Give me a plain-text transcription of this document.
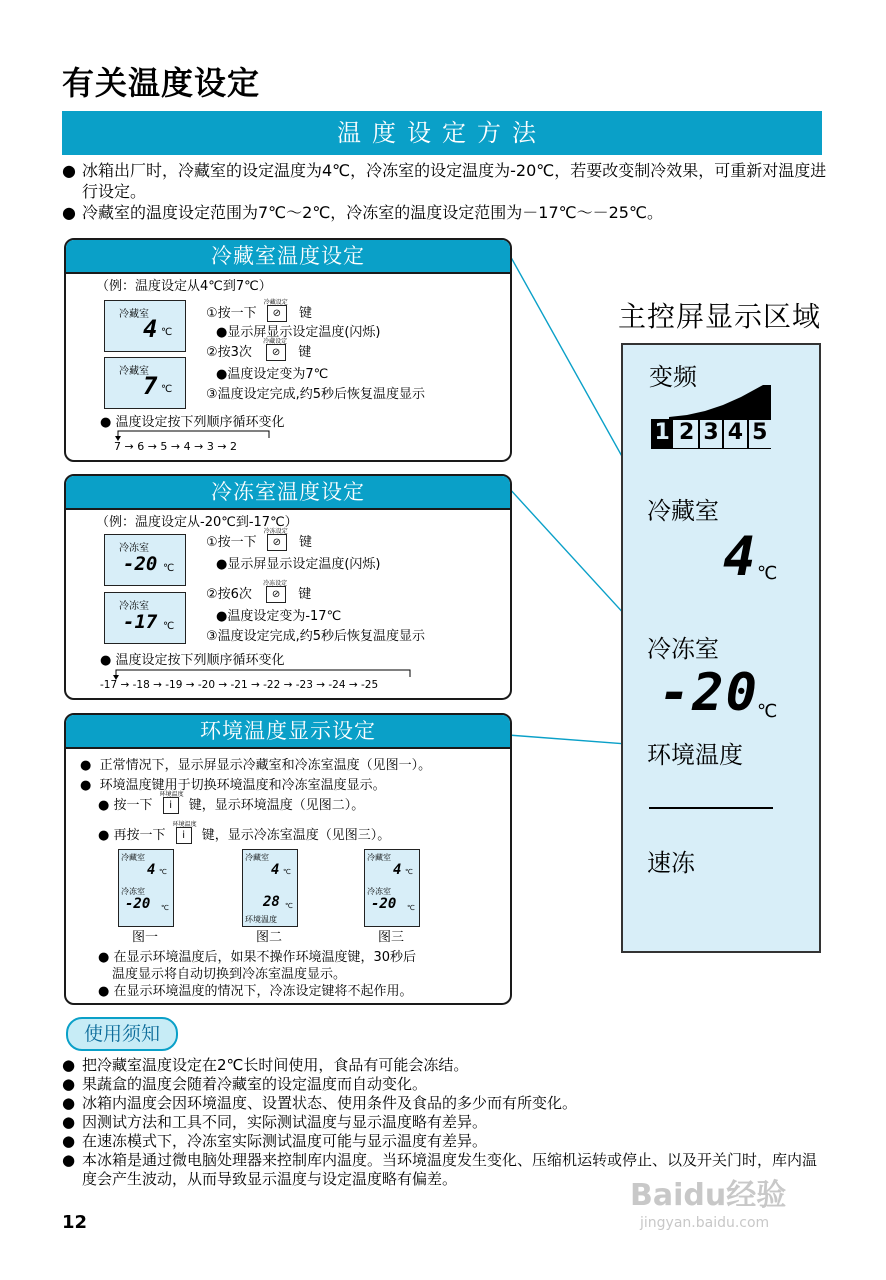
有关温度设定
温度设定方法
● 冰箱出厂时，冷藏室的设定温度为4℃，冷冻室的设定温度为-20℃，若要改变制冷效果，可重新对温度进行设定。
● 冷藏室的温度设定范围为7℃～2℃，冷冻室的温度设定范围为－17℃～－25℃。
冷藏室温度设定
（例：温度设定从4℃到7℃）
冷藏室
4 ℃
冷藏室
7 ℃
①按一下
冷藏设定
⊘ 键
●显示屏显示设定温度(闪烁)
②按3次
冷藏设定
⊘ 键
●温度设定变为7℃
③温度设定完成,约5秒后恢复温度显示
● 温度设定按下列顺序循环变化
7 → 6 → 5 → 4 → 3 → 2
冷冻室温度设定
（例：温度设定从-20℃到-17℃）
冷冻室
-20 ℃
冷冻室
-17 ℃
①按一下
冷冻设定
⊘ 键
●显示屏显示设定温度(闪烁)
②按6次
冷冻设定
⊘ 键
●温度设定变为-17℃
③温度设定完成,约5秒后恢复温度显示
● 温度设定按下列顺序循环变化
-17 → -18 → -19 → -20 → -21 → -22 → -23 → -24 → -25
环境温度显示设定
●  正常情况下，显示屏显示冷藏室和冷冻室温度（见图一）。
●  环境温度键用于切换环境温度和冷冻室温度显示。
● 按一下
环境温度
i 键，显示环境温度（见图二）。
● 再按一下
环境温度
i 键，显示冷冻室温度（见图三）。
冷藏室
4 ℃
冷冻室
-20 ℃
图一
冷藏室
4 ℃
28 ℃
环境温度
图二
冷藏室
4 ℃
冷冻室
-20 ℃
图三
● 在显示环境温度后，如果不操作环境温度键，30秒后
温度显示将自动切换到冷冻室温度显示。
● 在显示环境温度的情况下，冷冻设定键将不起作用。
主控屏显示区域
变频
1 2 3 4 5
冷藏室
4 ℃
冷冻室
-20
℃
环境温度
速冻
使用须知
● 把冷藏室温度设定在2℃长时间使用，食品有可能会冻结。
● 果蔬盒的温度会随着冷藏室的设定温度而自动变化。
● 冰箱内温度会因环境温度、设置状态、使用条件及食品的多少而有所变化。
● 因测试方法和工具不同，实际测试温度与显示温度略有差异。
● 在速冻模式下，冷冻室实际测试温度可能与显示温度有差异。
● 本冰箱是通过微电脑处理器来控制库内温度。当环境温度发生变化、压缩机运转或停止、以及开关门时，库内温度会产生波动，从而导致显示温度与设定温度略有偏差。	Baidu经验
jingyan.baidu.com
12
